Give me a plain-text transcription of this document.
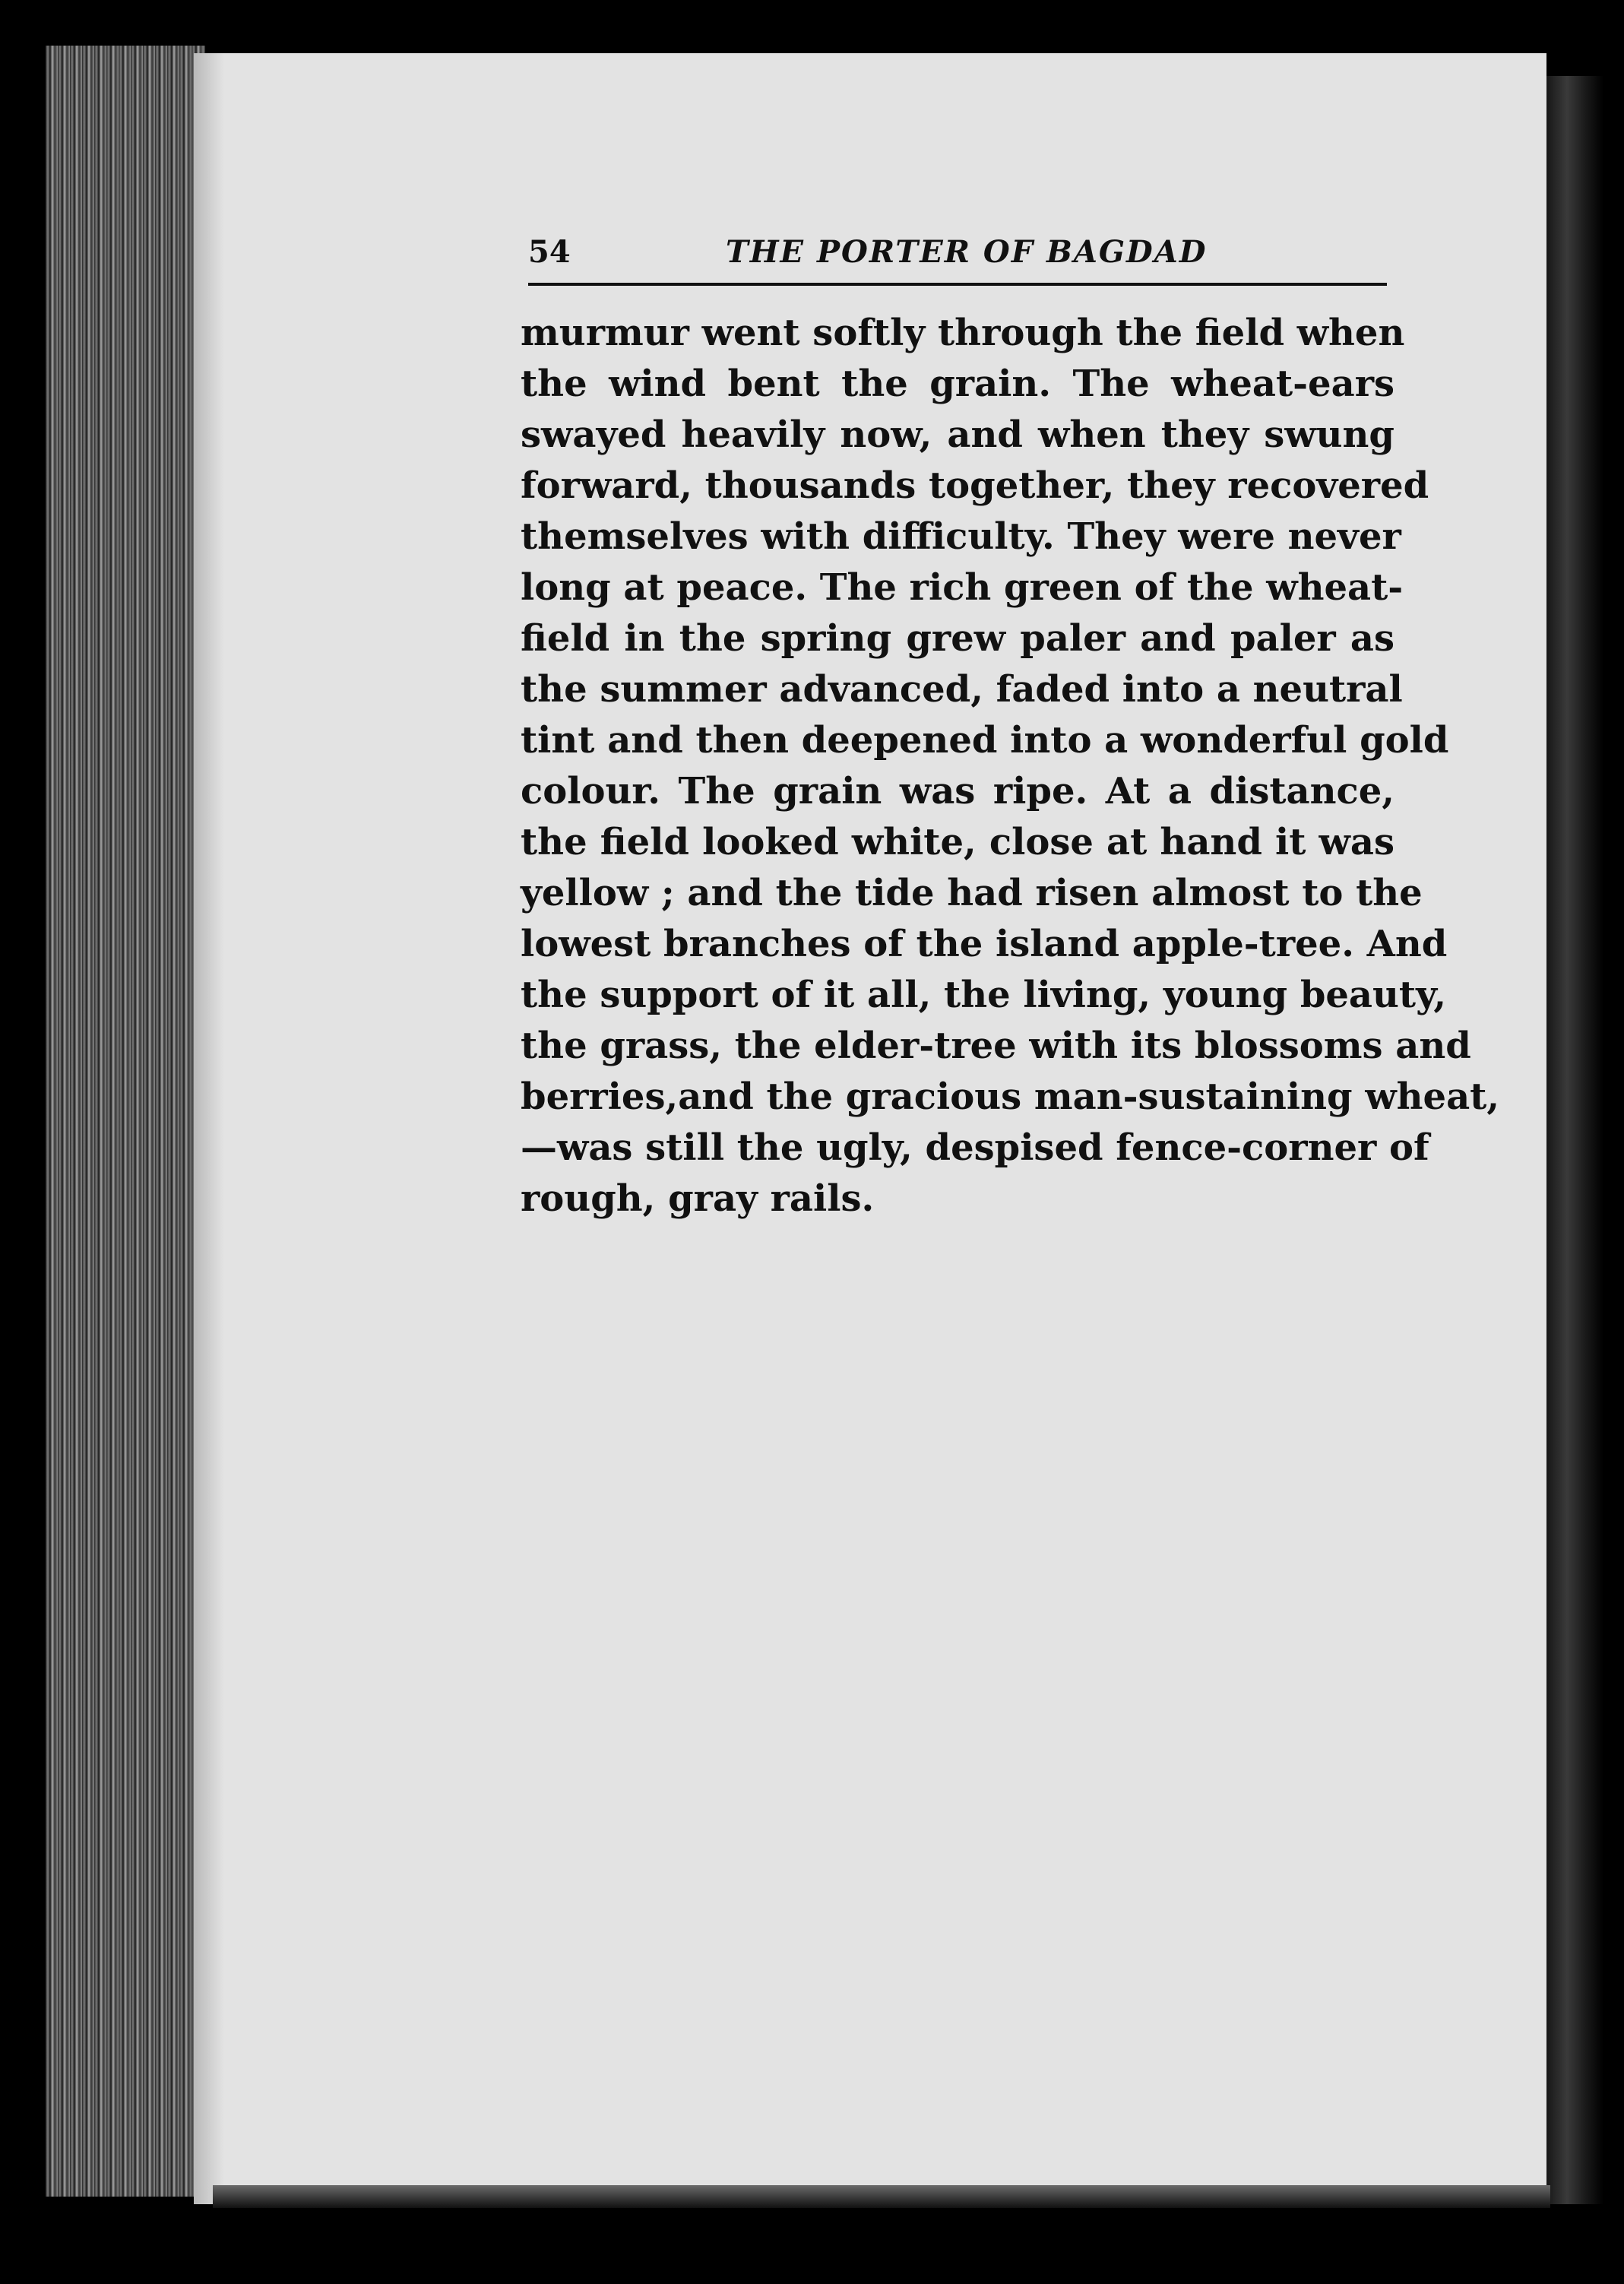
54	THE PORTER OF BAGDAD
murmur went softly through the field when
the wind bent the grain. The wheat-ears
swayed heavily now, and when they swung
forward, thousands together, they recovered
themselves with difficulty. They were never
long at peace. The rich green of the wheat-
field in the spring grew paler and paler as
the summer advanced, faded into a neutral
tint and then deepened into a wonderful gold
colour. The grain was ripe. At a distance,
the field looked white, close at hand it was
yellow ; and the tide had risen almost to the
lowest branches of the island apple-tree. And
the support of it all, the living, young beauty,
the grass, the elder-tree with its blossoms and
berries,and the gracious man-sustaining wheat,
—was still the ugly, despised fence-corner of
rough, gray rails.
